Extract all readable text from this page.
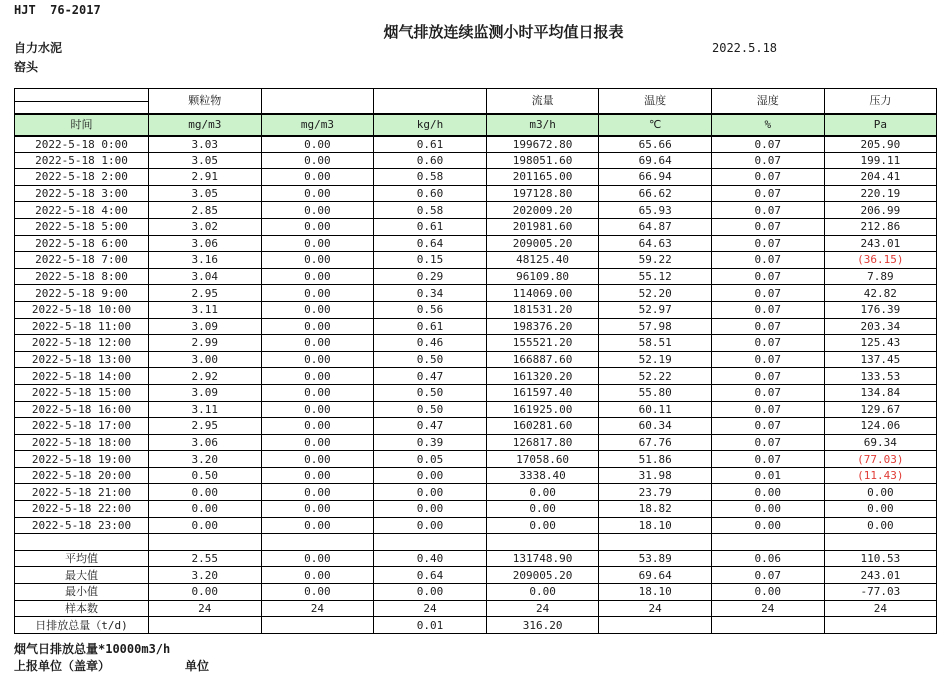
HJT  76-2017
烟气排放连续监测小时平均值日报表
2022.5.18
自力水泥
窑头
	颗粒物			流量	温度	湿度	压力

时间	mg/m3	mg/m3	kg/h	m3/h	℃	%	Pa
2022-5-18 0:00	3.03	0.00	0.61	199672.80	65.66	0.07	205.90
2022-5-18 1:00	3.05	0.00	0.60	198051.60	69.64	0.07	199.11
2022-5-18 2:00	2.91	0.00	0.58	201165.00	66.94	0.07	204.41
2022-5-18 3:00	3.05	0.00	0.60	197128.80	66.62	0.07	220.19
2022-5-18 4:00	2.85	0.00	0.58	202009.20	65.93	0.07	206.99
2022-5-18 5:00	3.02	0.00	0.61	201981.60	64.87	0.07	212.86
2022-5-18 6:00	3.06	0.00	0.64	209005.20	64.63	0.07	243.01
2022-5-18 7:00	3.16	0.00	0.15	48125.40	59.22	0.07	(36.15)
2022-5-18 8:00	3.04	0.00	0.29	96109.80	55.12	0.07	7.89
2022-5-18 9:00	2.95	0.00	0.34	114069.00	52.20	0.07	42.82
2022-5-18 10:00	3.11	0.00	0.56	181531.20	52.97	0.07	176.39
2022-5-18 11:00	3.09	0.00	0.61	198376.20	57.98	0.07	203.34
2022-5-18 12:00	2.99	0.00	0.46	155521.20	58.51	0.07	125.43
2022-5-18 13:00	3.00	0.00	0.50	166887.60	52.19	0.07	137.45
2022-5-18 14:00	2.92	0.00	0.47	161320.20	52.22	0.07	133.53
2022-5-18 15:00	3.09	0.00	0.50	161597.40	55.80	0.07	134.84
2022-5-18 16:00	3.11	0.00	0.50	161925.00	60.11	0.07	129.67
2022-5-18 17:00	2.95	0.00	0.47	160281.60	60.34	0.07	124.06
2022-5-18 18:00	3.06	0.00	0.39	126817.80	67.76	0.07	69.34
2022-5-18 19:00	3.20	0.00	0.05	17058.60	51.86	0.07	(77.03)
2022-5-18 20:00	0.50	0.00	0.00	3338.40	31.98	0.01	(11.43)
2022-5-18 21:00	0.00	0.00	0.00	0.00	23.79	0.00	0.00
2022-5-18 22:00	0.00	0.00	0.00	0.00	18.82	0.00	0.00
2022-5-18 23:00	0.00	0.00	0.00	0.00	18.10	0.00	0.00

平均值	2.55	0.00	0.40	131748.90	53.89	0.06	110.53
最大值	3.20	0.00	0.64	209005.20	69.64	0.07	243.01
最小值	0.00	0.00	0.00	0.00	18.10	0.00	-77.03
样本数	24	24	24	24	24	24	24
日排放总量（t/d)			0.01	316.20			
烟气日排放总量*10000m3/h
上报单位（盖章）	单位
